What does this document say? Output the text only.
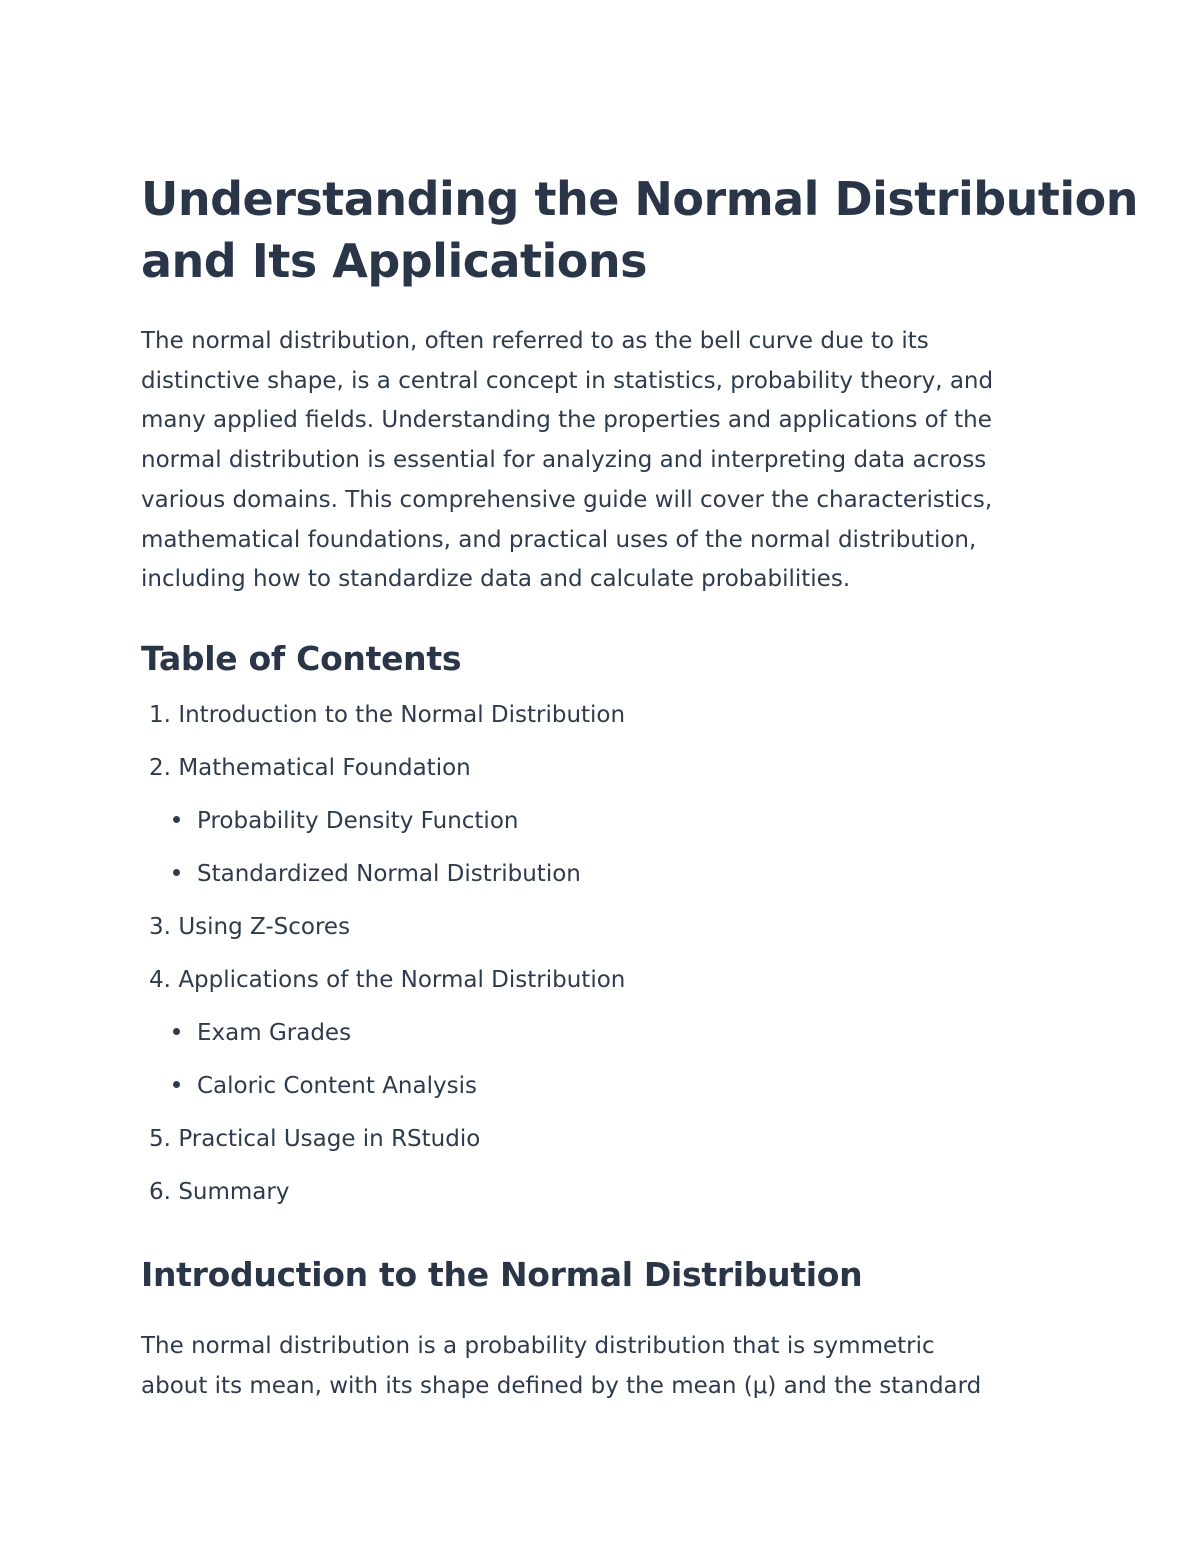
Understanding the Normal Distribution
and Its Applications

The normal distribution, often referred to as the bell curve due to its
distinctive shape, is a central concept in statistics, probability theory, and
many applied fields. Understanding the properties and applications of the
normal distribution is essential for analyzing and interpreting data across
various domains. This comprehensive guide will cover the characteristics,
mathematical foundations, and practical uses of the normal distribution,
including how to standardize data and calculate probabilities.

Table of Contents
1. Introduction to the Normal Distribution
2. Mathematical Foundation
Probability Density Function
Standardized Normal Distribution
3. Using Z-Scores
4. Applications of the Normal Distribution
Exam Grades
Caloric Content Analysis
5. Practical Usage in RStudio
6. Summary
Introduction to the Normal Distribution

The normal distribution is a probability distribution that is symmetric
about its mean, with its shape defined by the mean (μ) and the standard
